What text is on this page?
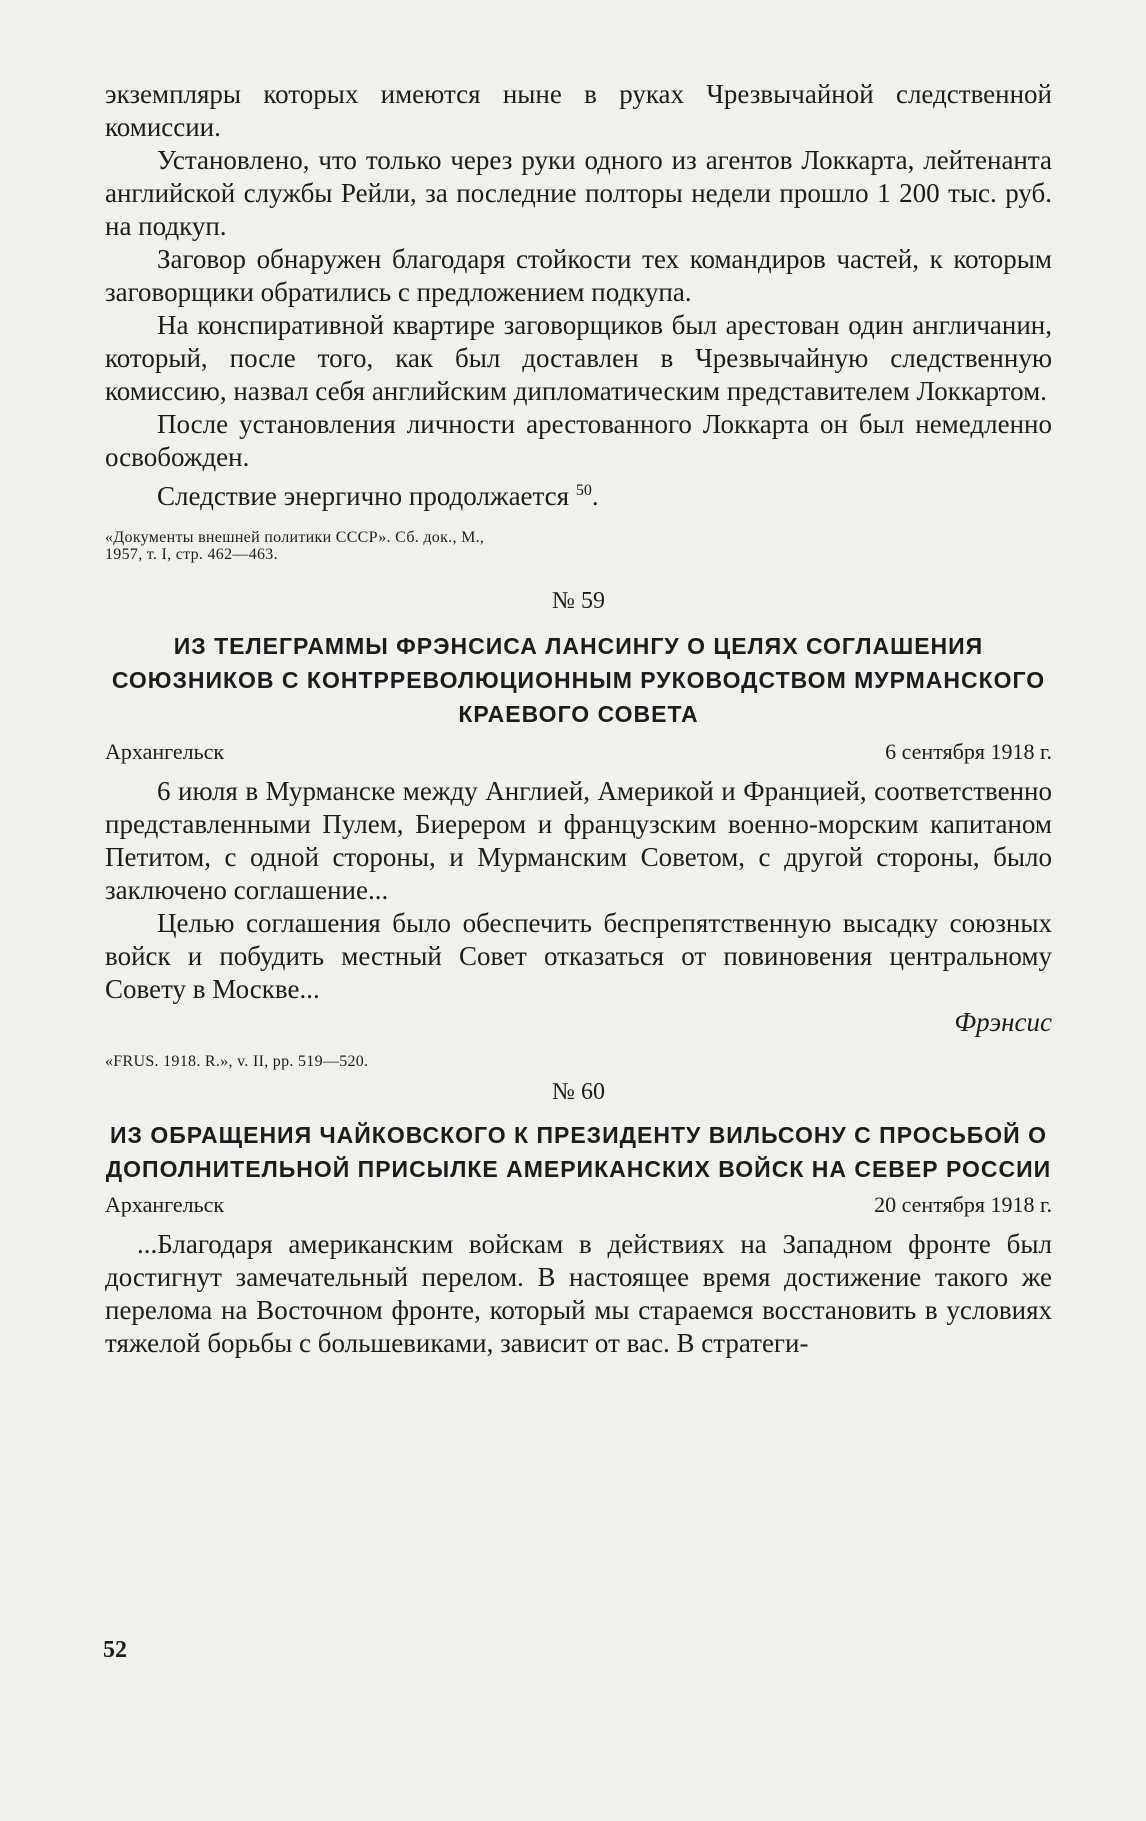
экземпляры которых имеются ныне в руках Чрезвычайной следственной комиссии.

Установлено, что только через руки одного из агентов Локкарта, лейтенанта английской службы Рейли, за последние полторы недели прошло 1 200 тыс. руб. на подкуп.

Заговор обнаружен благодаря стойкости тех командиров частей, к которым заговорщики обратились с предложением подкупа.

На конспиративной квартире заговорщиков был арестован один англичанин, который, после того, как был доставлен в Чрезвычайную следственную комиссию, назвал себя английским дипломатическим представителем Локкартом.

После установления личности арестованного Локкарта он был немедленно освобожден.

Следствие энергично продолжается $^{50}$.

«Документы внешней политики СССР». Сб. док., М., 1957, т. I, стр. 462—463.

№ 59

ИЗ ТЕЛЕГРАММЫ ФРЭНСИСА ЛАНСИНГУ О ЦЕЛЯХ СОГЛАШЕНИЯ СОЮЗНИКОВ С КОНТРРЕВОЛЮЦИОННЫМ РУКОВОДСТВОМ МУРМАНСКОГО КРАЕВОГО СОВЕТА

Архангельск	6 сентября 1918 г.

6 июля в Мурманске между Англией, Америкой и Францией, соответственно представленными Пулем, Биерером и французским военно-морским капитаном Петитом, с одной стороны, и Мурманским Советом, с другой стороны, было заключено соглашение...

Целью соглашения было обеспечить беспрепятственную высадку союзных войск и побудить местный Совет отказаться от повиновения центральному Совету в Москве...

Фрэнсис

«FRUS. 1918. R.», v. II, pp. 519—520.

№ 60

ИЗ ОБРАЩЕНИЯ ЧАЙКОВСКОГО К ПРЕЗИДЕНТУ ВИЛЬСОНУ С ПРОСЬБОЙ О ДОПОЛНИТЕЛЬНОЙ ПРИСЫЛКЕ АМЕРИКАНСКИХ ВОЙСК НА СЕВЕР РОССИИ

Архангельск	20 сентября 1918 г.

...Благодаря американским войскам в действиях на Западном фронте был достигнут замечательный перелом. В настоящее время достижение такого же перелома на Восточном фронте, который мы стараемся восстановить в условиях тяжелой борьбы с большевиками, зависит от вас. В стратеги-

52
